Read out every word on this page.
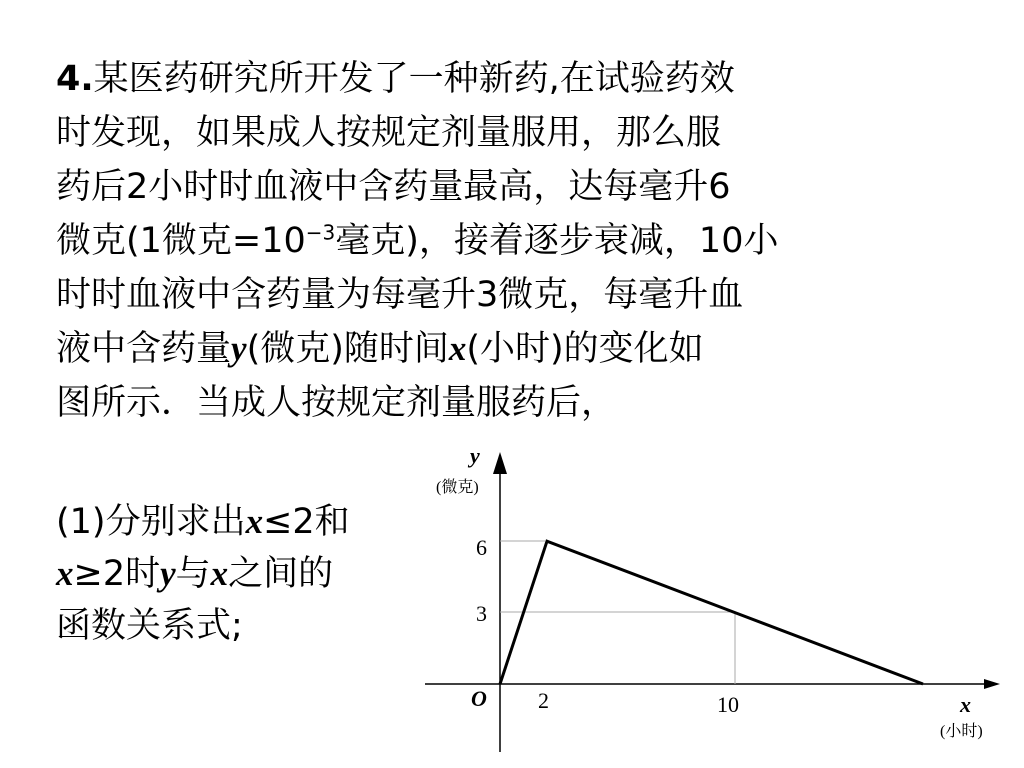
4.某医药研究所开发了一种新药,在试验药效
时发现，如果成人按规定剂量服用，那么服
药后2小时时血液中含药量最高，达每毫升6
微克(1微克$=10^{-3}$毫克)，接着逐步衰减，10小
时时血液中含药量为每毫升3微克，每毫升血
液中含药量y(微克)随时间x(小时)的变化如
图所示．当成人按规定剂量服药后，
(1)分别求出x≤2和
x≥2时y与x之间的
函数关系式;
y
(微克)
6
3
O 2	10	x
(小时)
